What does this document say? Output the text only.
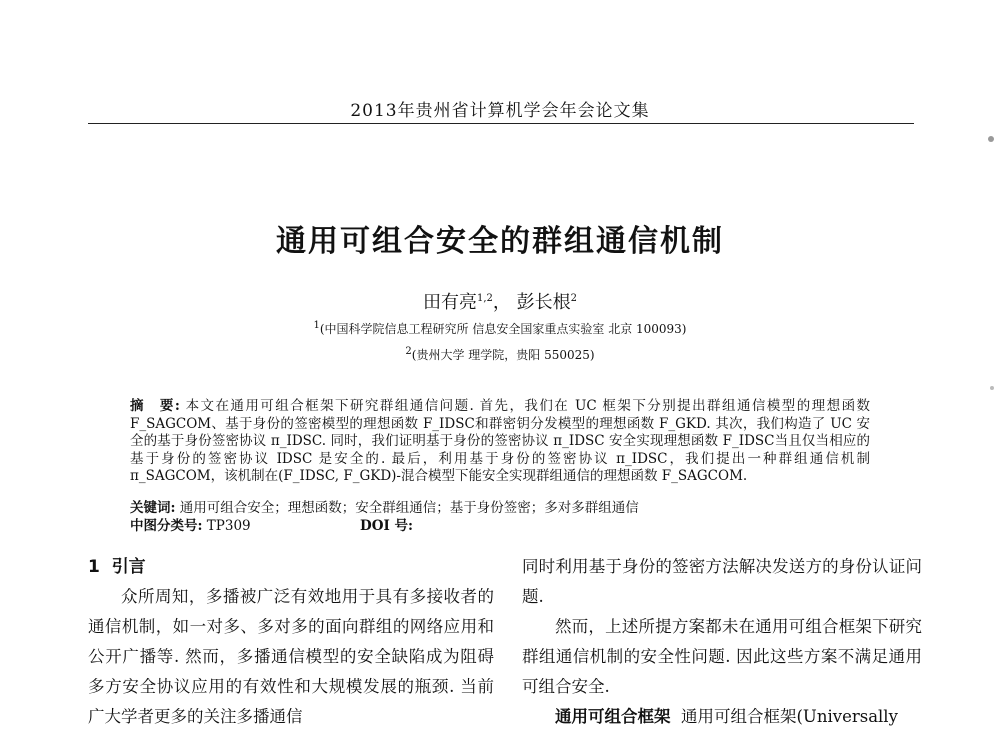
2013年贵州省计算机学会年会论文集
通用可组合安全的群组通信机制
田有亮$^{1,2}$， 彭长根$^2$
$^1$(中国科学院信息工程研究所 信息安全国家重点实验室 北京 100093)
$^2$(贵州大学 理学院，贵阳 550025)
摘　要: 本文在通用可组合框架下研究群组通信问题. 首先，我们在 UC 框架下分别提出群组通信模型的理想函数 F_SAGCOM、基于身份的签密模型的理想函数 F_IDSC和群密钥分发模型的理想函数 F_GKD. 其次，我们构造了 UC 安全的基于身份签密协议 π_IDSC. 同时，我们证明基于身份的签密协议 π_IDSC 安全实现理想函数 F_IDSC当且仅当相应的基于身份的签密协议 IDSC 是安全的. 最后，利用基于身份的签密协议 π_IDSC，我们提出一种群组通信机制 π_SAGCOM，该机制在(F_IDSC, F_GKD)-混合模型下能安全实现群组通信的理想函数 F_SAGCOM.
关键词: 通用可组合安全；理想函数；安全群组通信；基于身份签密；多对多群组通信
中图分类号: TP309	DOI 号:
1 引言

众所周知，多播被广泛有效地用于具有多接收者的通信机制，如一对多、多对多的面向群组的网络应用和公开广播等. 然而，多播通信模型的安全缺陷成为阻碍多方安全协议应用的有效性和大规模发展的瓶颈. 当前广大学者更多的关注多播通信

同时利用基于身份的签密方法解决发送方的身份认证问题.

然而，上述所提方案都未在通用可组合框架下研究群组通信机制的安全性问题. 因此这些方案不满足通用可组合安全.

通用可组合框架 通用可组合框架(Universally
